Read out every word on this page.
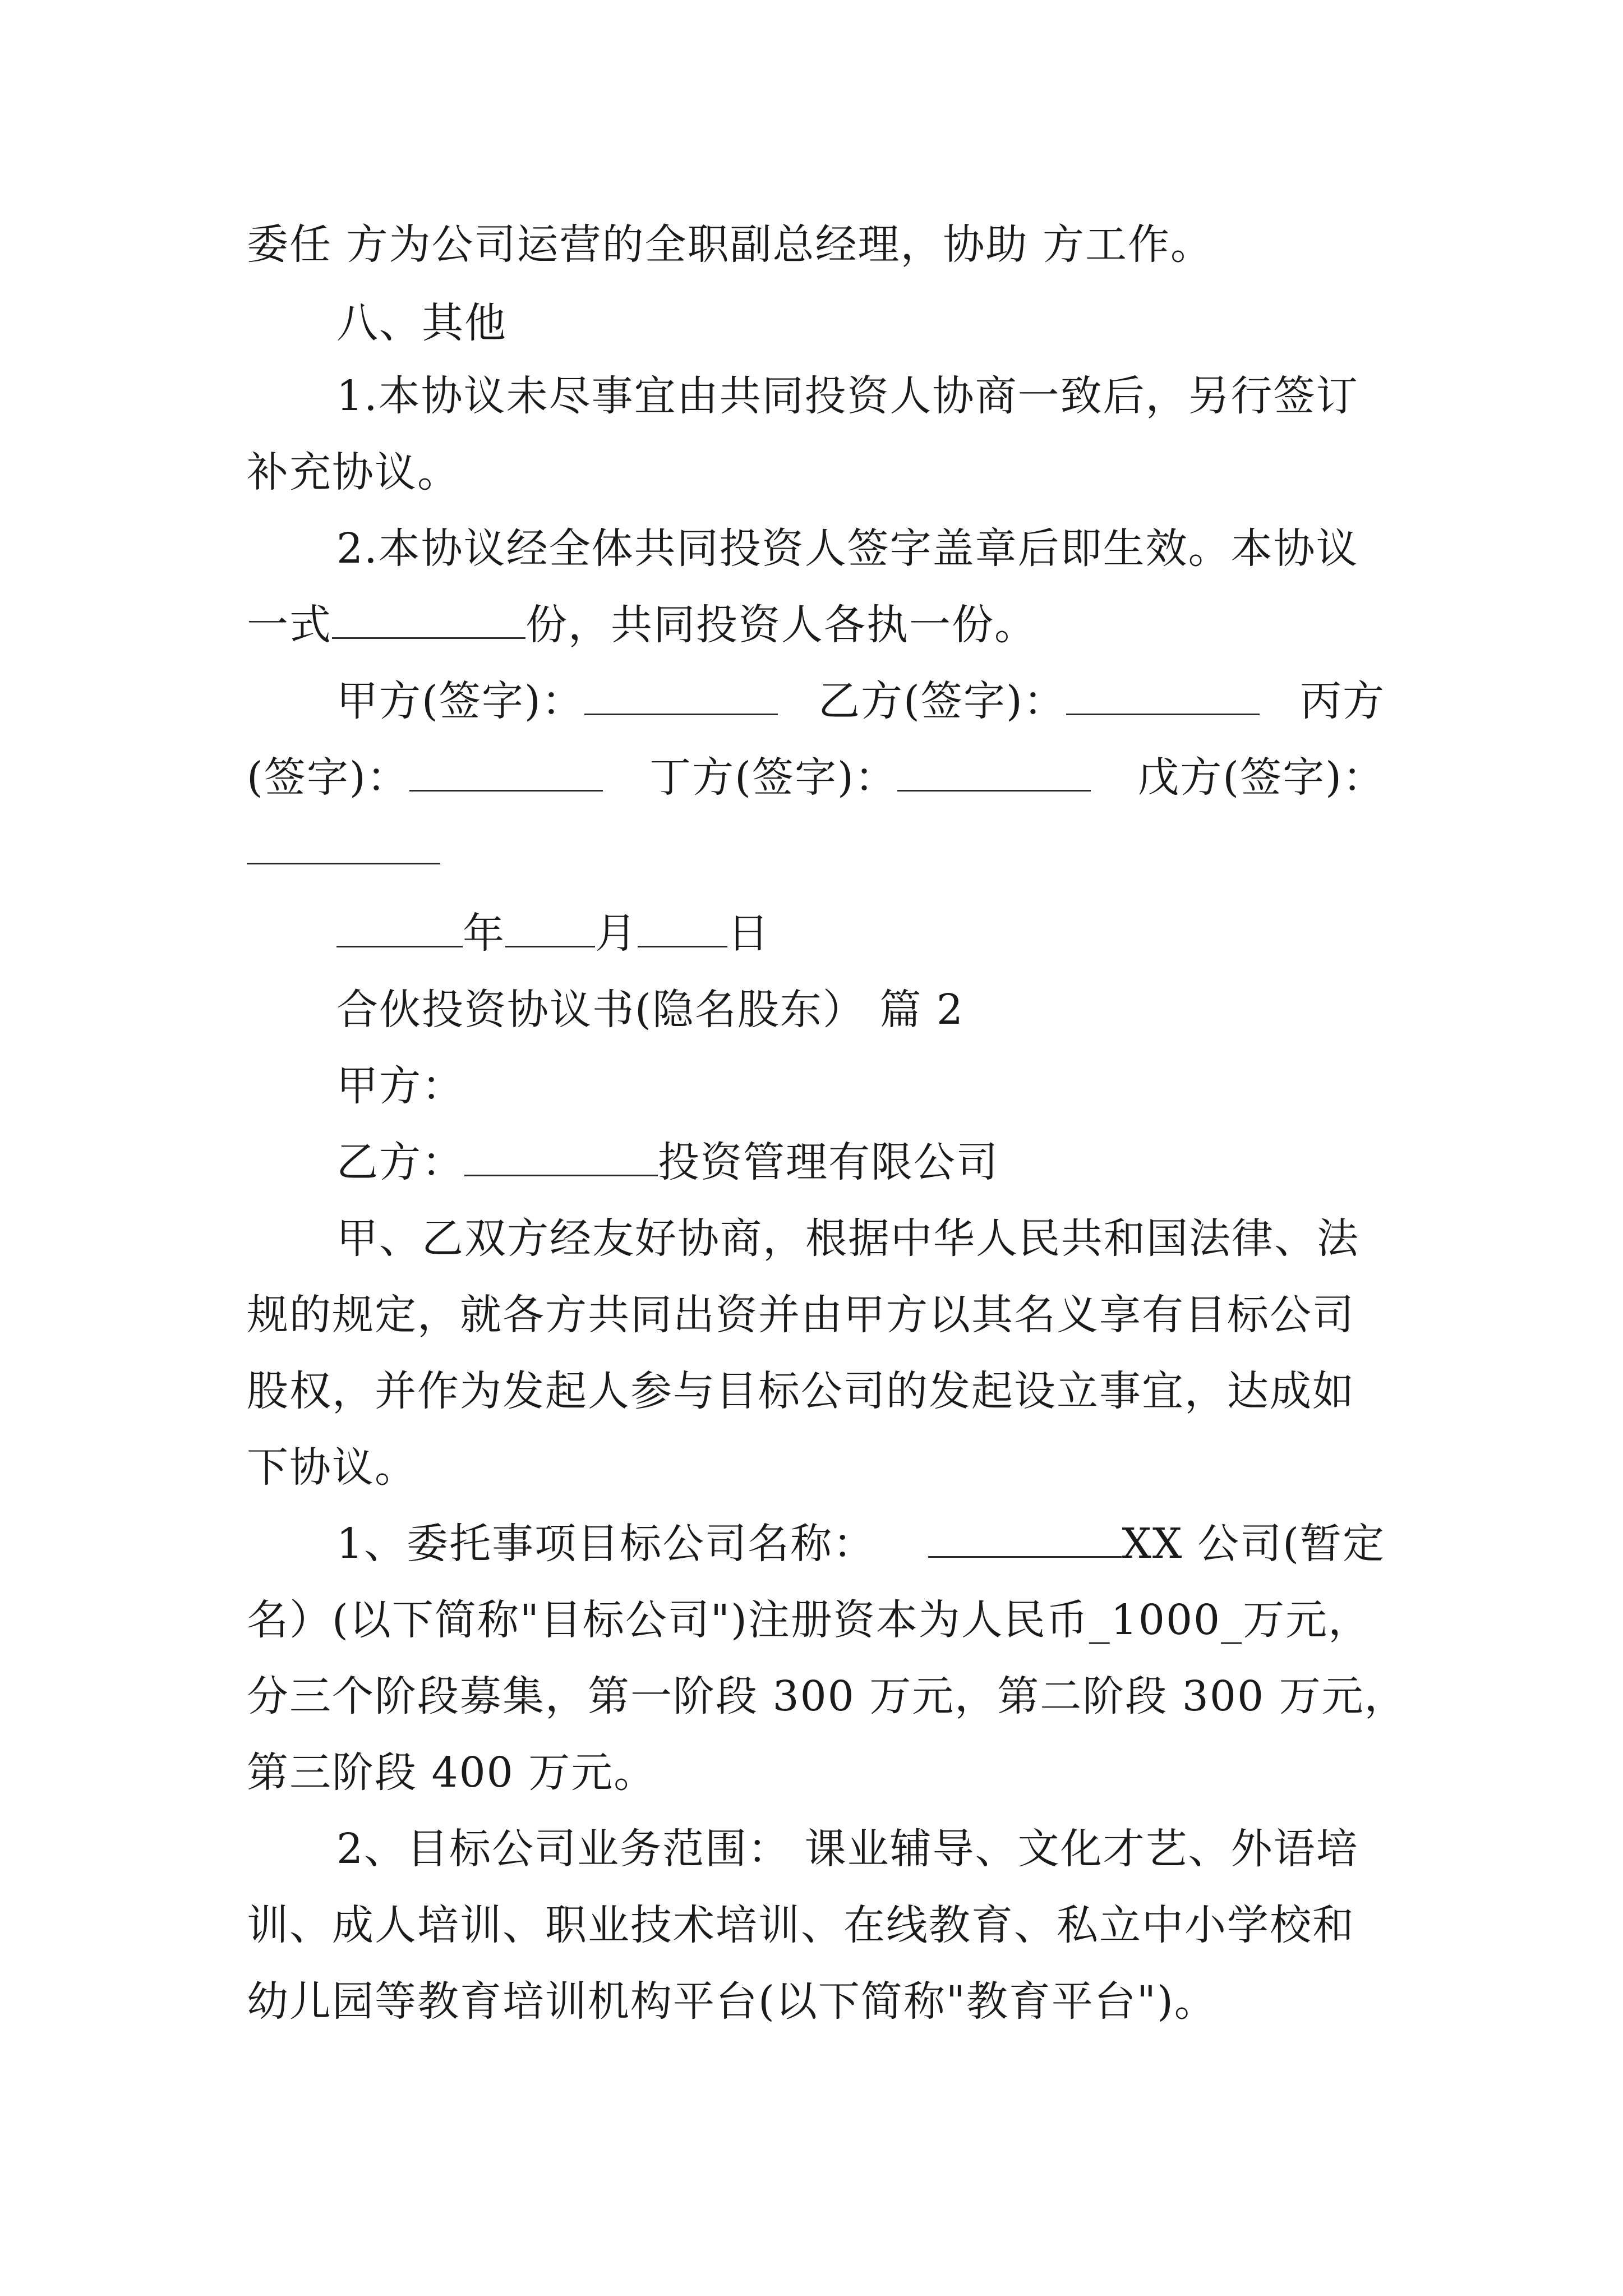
委任 方为公司运营的全职副总经理，协助 方工作。
八、其他
1.本协议未尽事宜由共同投资人协商一致后，另行签订
补充协议。
2.本协议经全体共同投资人签字盖章后即生效。本协议
一式	份，共同投资人各执一份。
甲方(签字)：	乙方(签字)：	丙方
(签字)：	丁方(签字)：	戊方(签字)：
年 月 日
合伙投资协议书(隐名股东） 篇 2
甲方：
乙方：	投资管理有限公司
甲、乙双方经友好协商，根据中华人民共和国法律、法
规的规定，就各方共同出资并由甲方以其名义享有目标公司
股权，并作为发起人参与目标公司的发起设立事宜，达成如
下协议。
1、委托事项目标公司名称：	XX 公司(暂定
名）(以下简称"目标公司")注册资本为人民币_1000_万元，
分三个阶段募集，第一阶段 300 万元，第二阶段 300 万元，
第三阶段 400 万元。
2、目标公司业务范围： 课业辅导、文化才艺、外语培
训、成人培训、职业技术培训、在线教育、私立中小学校和
幼儿园等教育培训机构平台(以下简称"教育平台")。
